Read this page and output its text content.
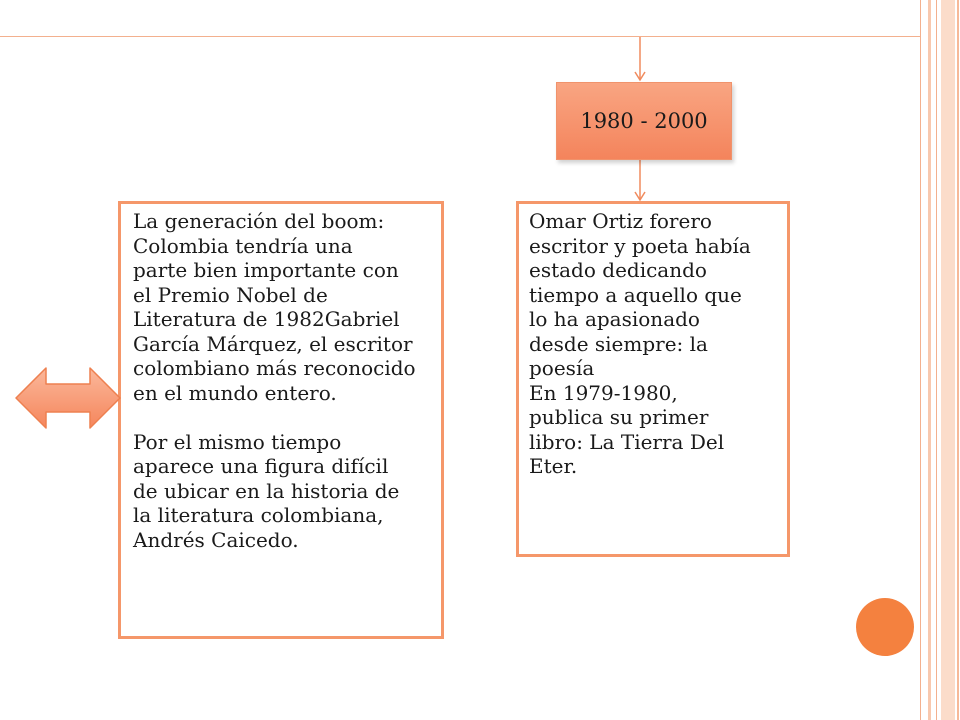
1980 - 2000

La generación del boom:
Colombia tendría una
parte bien importante con
el Premio Nobel de
Literatura de 1982Gabriel
García Márquez, el escritor
colombiano más reconocido
en el mundo entero.

Por el mismo tiempo
aparece una figura difícil
de ubicar en la historia de
la literatura colombiana,
Andrés Caicedo.

Omar Ortiz forero
escritor y poeta había
estado dedicando
tiempo a aquello que
lo ha apasionado
desde siempre: la
poesía
En 1979-1980,
publica su primer
libro: La Tierra Del
Eter.
